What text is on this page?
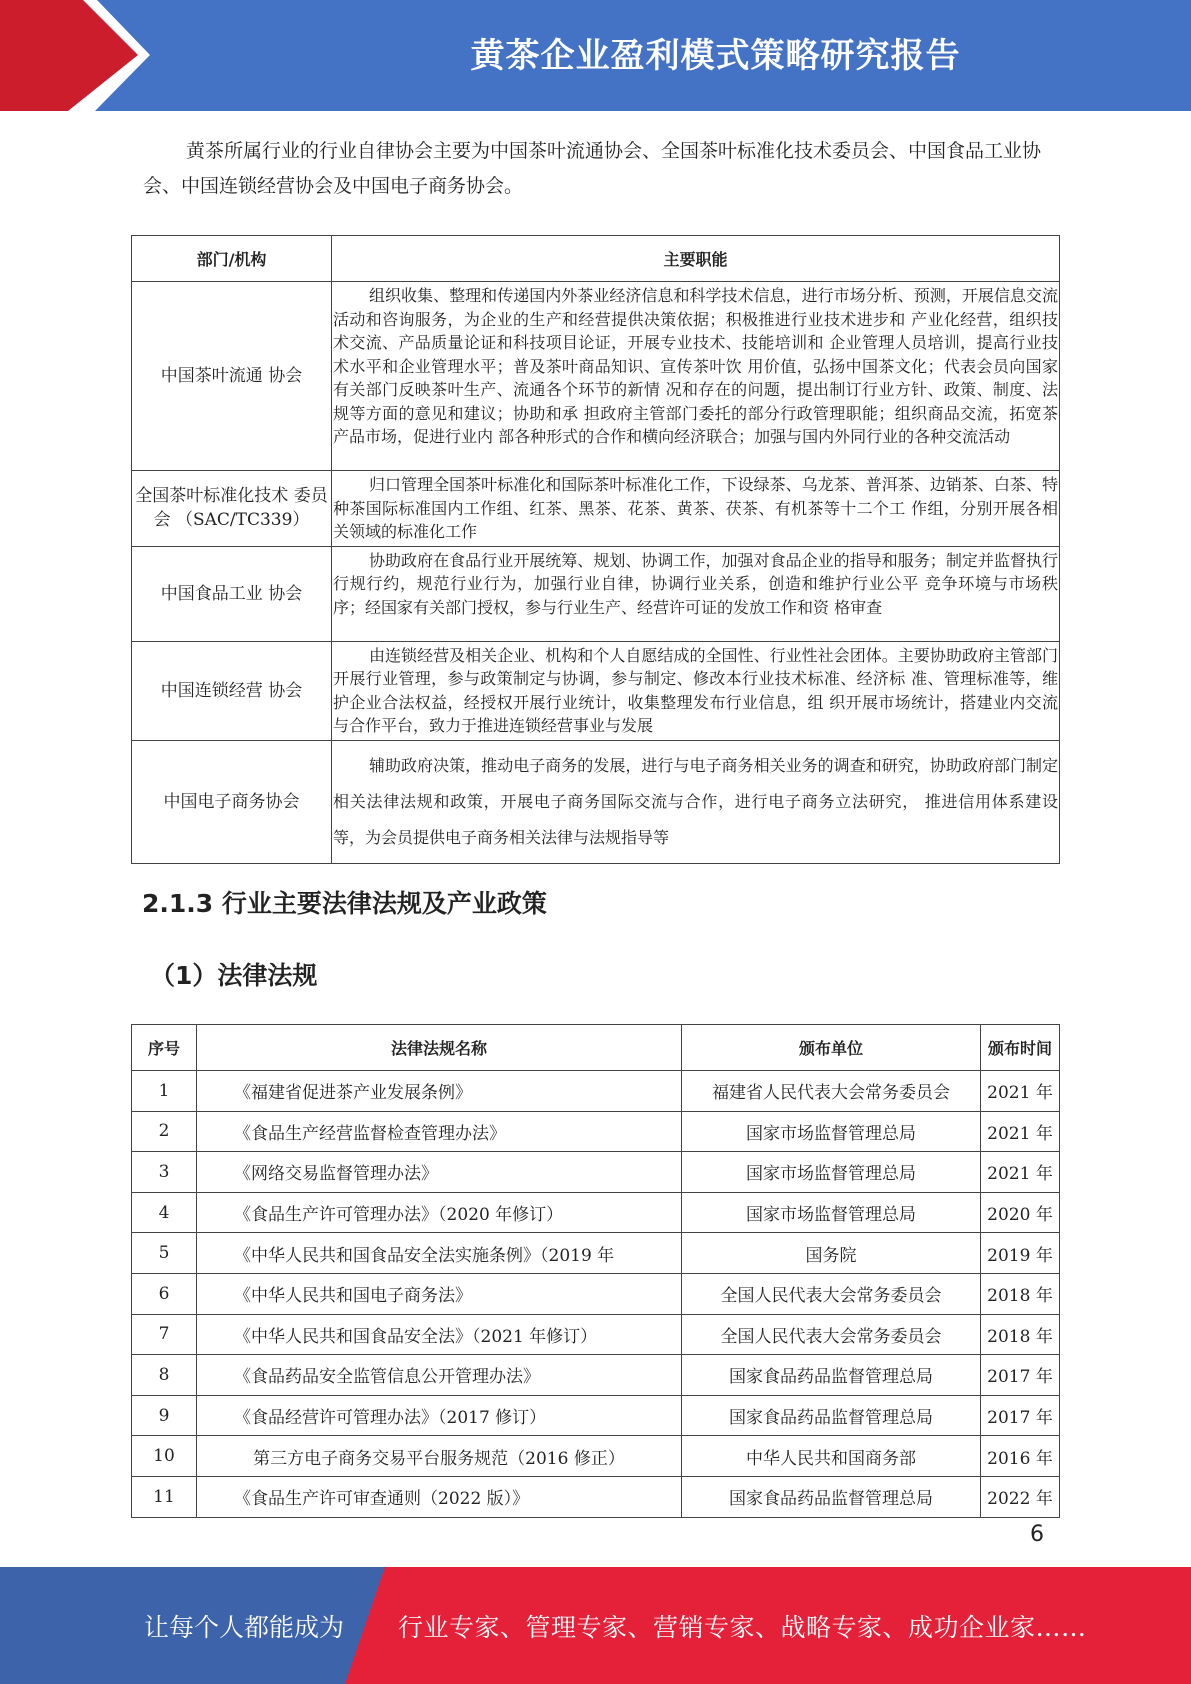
黄茶企业盈利模式策略研究报告

黄茶所属行业的行业自律协会主要为中国茶叶流通协会、全国茶叶标准化技术委员会、中国食品工业协会、中国连锁经营协会及中国电子商务协会。

部门/机构	主要职能
中国茶叶流通 协会	组织收集、整理和传递国内外茶业经济信息和科学技术信息，进行市场分析、预测，开展信息交流活动和咨询服务，为企业的生产和经营提供决策依据；积极推进行业技术进步和 产业化经营，组织技术交流、产品质量论证和科技项目论证，开展专业技术、技能培训和 企业管理人员培训，提高行业技术水平和企业管理水平；普及茶叶商品知识、宣传茶叶饮 用价值，弘扬中国茶文化；代表会员向国家有关部门反映茶叶生产、流通各个环节的新情 况和存在的问题，提出制订行业方针、政策、制度、法规等方面的意见和建议；协助和承 担政府主管部门委托的部分行政管理职能；组织商品交流，拓宽茶产品市场，促进行业内 部各种形式的合作和横向经济联合；加强与国内外同行业的各种交流活动
全国茶叶标准化技术 委员会 （SAC/TC339）	归口管理全国茶叶标准化和国际茶叶标准化工作，下设绿茶、乌龙茶、普洱茶、边销茶、白茶、特种茶国际标准国内工作组、红茶、黑茶、花茶、黄茶、茯茶、有机茶等十二个工 作组，分别开展各相关领域的标准化工作
中国食品工业 协会	协助政府在食品行业开展统筹、规划、协调工作，加强对食品企业的指导和服务；制定并监督执行行规行约，规范行业行为，加强行业自律，协调行业关系，创造和维护行业公平 竞争环境与市场秩序；经国家有关部门授权，参与行业生产、经营许可证的发放工作和资 格审查
中国连锁经营 协会	由连锁经营及相关企业、机构和个人自愿结成的全国性、行业性社会团体。主要协助政府主管部门开展行业管理，参与政策制定与协调，参与制定、修改本行业技术标准、经济标 准、管理标准等，维护企业合法权益，经授权开展行业统计，收集整理发布行业信息，组 织开展市场统计，搭建业内交流与合作平台，致力于推进连锁经营事业与发展
中国电子商务协会	辅助政府决策，推动电子商务的发展，进行与电子商务相关业务的调查和研究，协助政府部门制定相关法律法规和政策，开展电子商务国际交流与合作，进行电子商务立法研究， 推进信用体系建设等，为会员提供电子商务相关法律与法规指导等
2.1.3 行业主要法律法规及产业政策
（1）法律法规
序号	法律法规名称	颁布单位	颁布时间
1	《福建省促进茶产业发展条例》	福建省人民代表大会常务委员会	2021 年
2	《食品生产经营监督检查管理办法》	国家市场监督管理总局	2021 年
3	《网络交易监督管理办法》	国家市场监督管理总局	2021 年
4	《食品生产许可管理办法》（2020 年修订）	国家市场监督管理总局	2020 年
5	《中华人民共和国食品安全法实施条例》（2019 年	国务院	2019 年
6	《中华人民共和国电子商务法》	全国人民代表大会常务委员会	2018 年
7	《中华人民共和国食品安全法》（2021 年修订）	全国人民代表大会常务委员会	2018 年
8	《食品药品安全监管信息公开管理办法》	国家食品药品监督管理总局	2017 年
9	《食品经营许可管理办法》（2017 修订）	国家食品药品监督管理总局	2017 年
10	第三方电子商务交易平台服务规范（2016 修正）	中华人民共和国商务部	2016 年
11	《食品生产许可审查通则（2022 版）》	国家食品药品监督管理总局	2022 年
6
让每个人都能成为 行业专家、管理专家、营销专家、战略专家、成功企业家……
